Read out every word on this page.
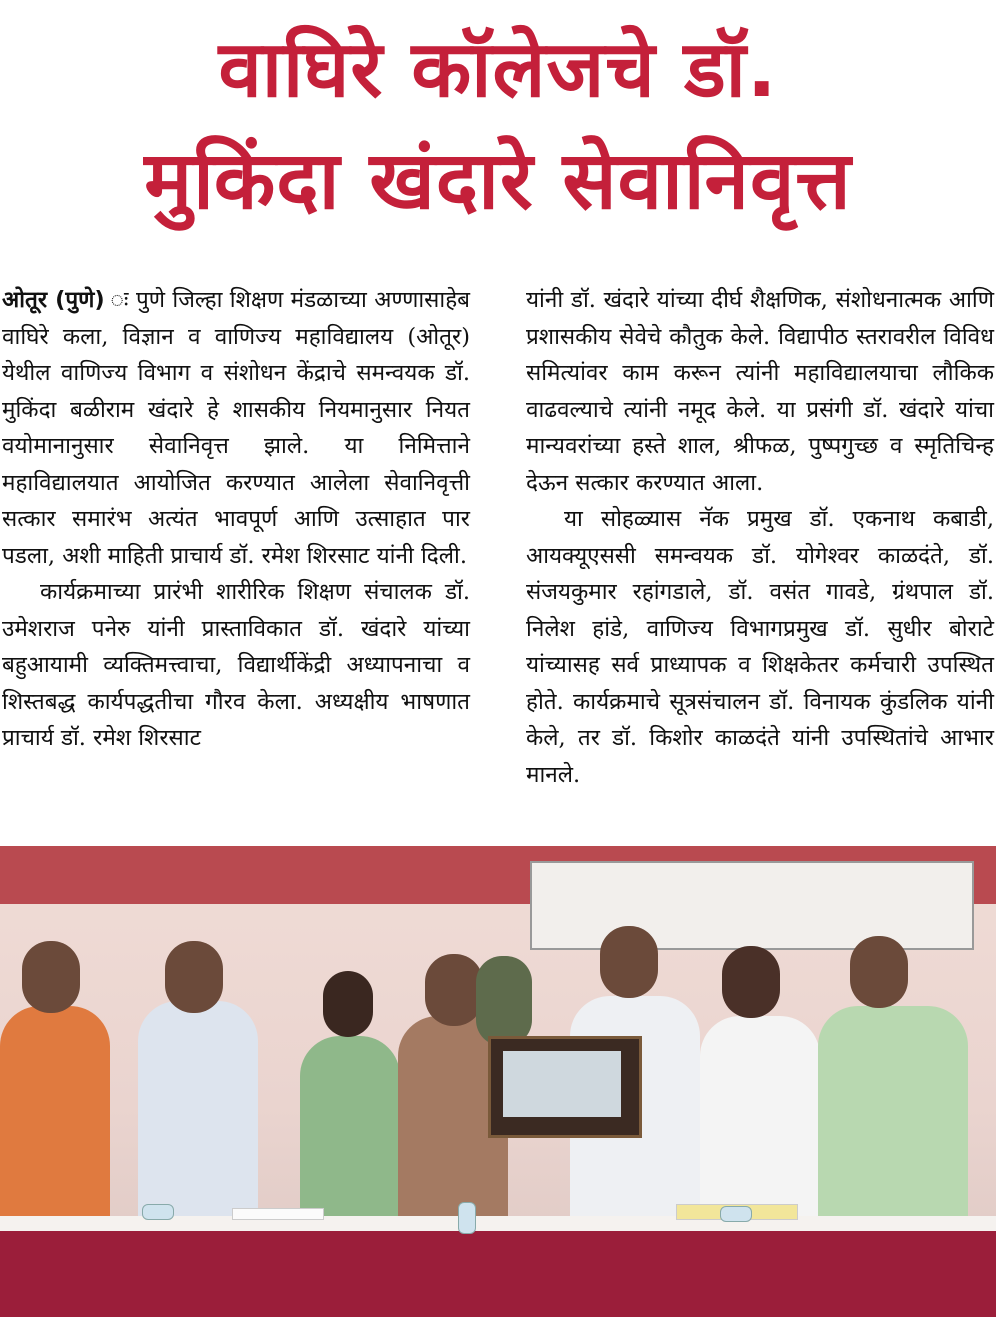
वाघिरे कॉलेजचे डॉ.
मुकिंदा खंदारे सेवानिवृत्त

ओतूर (पुणे) ः पुणे जिल्हा शिक्षण मंडळाच्या अण्णासाहेब वाघिरे कला, विज्ञान व वाणिज्य महाविद्यालय (ओतूर) येथील वाणिज्य विभाग व संशोधन केंद्राचे समन्वयक डॉ. मुकिंदा बळीराम खंदारे हे शासकीय नियमानुसार नियत वयोमानानुसार सेवानिवृत्त झाले. या निमित्ताने महाविद्यालयात आयोजित करण्यात आलेला सेवानिवृत्ती सत्कार समारंभ अत्यंत भावपूर्ण आणि उत्साहात पार पडला, अशी माहिती प्राचार्य डॉ. रमेश शिरसाट यांनी दिली.

कार्यक्रमाच्या प्रारंभी शारीरिक शिक्षण संचालक डॉ. उमेशराज पनेरु यांनी प्रास्ताविकात डॉ. खंदारे यांच्या बहुआयामी व्यक्तिमत्त्वाचा, विद्यार्थीकेंद्री अध्यापनाचा व शिस्तबद्ध कार्यपद्धतीचा गौरव केला. अध्यक्षीय भाषणात प्राचार्य डॉ. रमेश शिरसाट

यांनी डॉ. खंदारे यांच्या दीर्घ शैक्षणिक, संशोधनात्मक आणि प्रशासकीय सेवेचे कौतुक केले. विद्यापीठ स्तरावरील विविध समित्यांवर काम करून त्यांनी महाविद्यालयाचा लौकिक वाढवल्याचे त्यांनी नमूद केले. या प्रसंगी डॉ. खंदारे यांचा मान्यवरांच्या हस्ते शाल, श्रीफळ, पुष्पगुच्छ व स्मृतिचिन्ह देऊन सत्कार करण्यात आला.

या सोहळ्यास नॅक प्रमुख डॉ. एकनाथ कबाडी, आयक्यूएससी समन्वयक डॉ. योगेश्वर काळदंते, डॉ. संजयकुमार रहांगडाले, डॉ. वसंत गावडे, ग्रंथपाल डॉ. निलेश हांडे, वाणिज्य विभागप्रमुख डॉ. सुधीर बोराटे यांच्यासह सर्व प्राध्यापक व शिक्षकेतर कर्मचारी उपस्थित होते. कार्यक्रमाचे सूत्रसंचालन डॉ. विनायक कुंडलिक यांनी केले, तर डॉ. किशोर काळदंते यांनी उपस्थितांचे आभार मानले.
